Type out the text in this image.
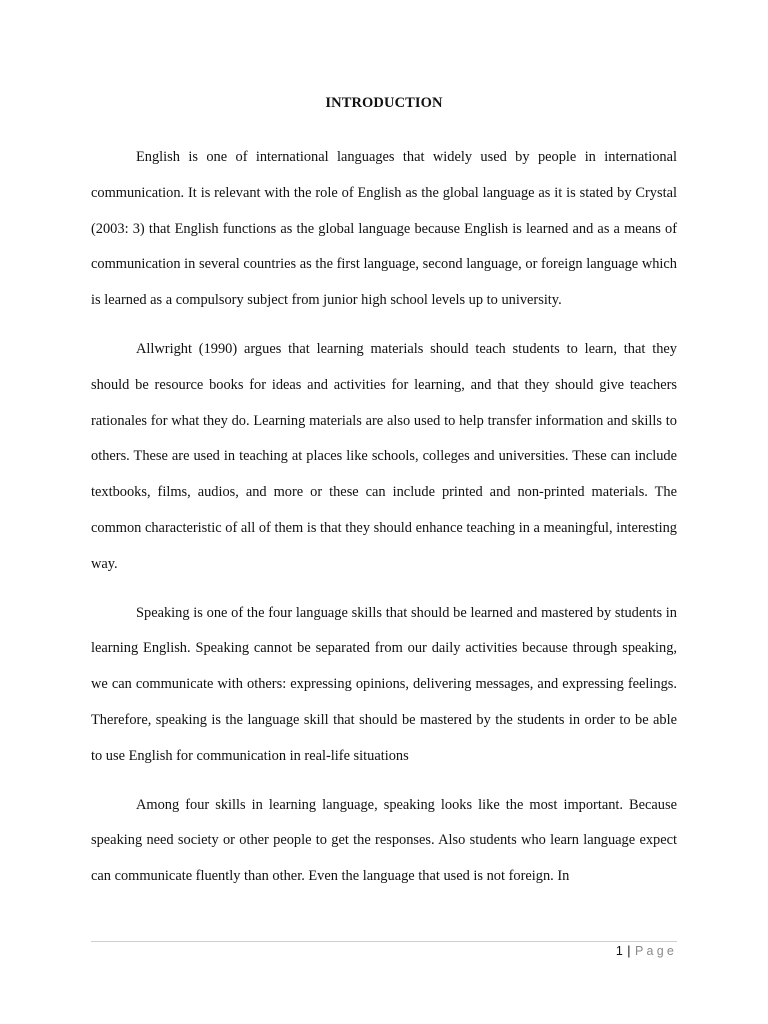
INTRODUCTION

English is one of international languages that widely used by people in international communication. It is relevant with the role of English as the global language as it is stated by Crystal (2003: 3) that English functions as the global language because English is learned and as a means of communication in several countries as the first language, second language, or foreign language which is learned as a compulsory subject from junior high school levels up to university.

Allwright (1990) argues that learning materials should teach students to learn, that they should be resource books for ideas and activities for learning, and that they should give teachers rationales for what they do. Learning materials are also used to help transfer information and skills to others. These are used in teaching at places like schools, colleges and universities. These can include textbooks, films, audios, and more or these can include printed and non-printed materials. The common characteristic of all of them is that they should enhance teaching in a meaningful, interesting way.

Speaking is one of the four language skills that should be learned and mastered by students in learning English. Speaking cannot be separated from our daily activities because through speaking, we can communicate with others: expressing opinions, delivering messages, and expressing feelings. Therefore, speaking is the language skill that should be mastered by the students in order to be able to use English for communication in real-life situations

Among four skills in learning language, speaking looks like the most important. Because speaking need society or other people to get the responses. Also students who learn language expect can communicate fluently than other. Even the language that used is not foreign. In

1 | Page
